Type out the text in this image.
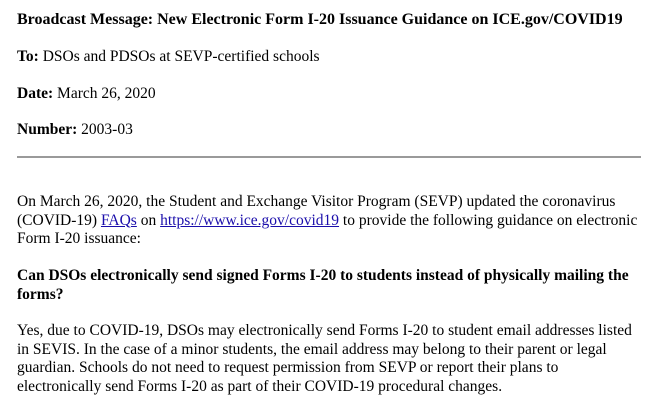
Broadcast Message: New Electronic Form I-20 Issuance Guidance on ICE.gov/COVID19
To: DSOs and PDSOs at SEVP-certified schools
Date: March 26, 2020
Number: 2003-03
On March 26, 2020, the Student and Exchange Visitor Program (SEVP) updated the coronavirus (COVID-19) FAQs on https://www.ice.gov/covid19 to provide the following guidance on electronic Form I-20 issuance:
Can DSOs electronically send signed Forms I-20 to students instead of physically mailing the forms?
Yes, due to COVID-19, DSOs may electronically send Forms I-20 to student email addresses listed in SEVIS. In the case of a minor students, the email address may belong to their parent or legal guardian. Schools do not need to request permission from SEVP or report their plans to electronically send Forms I-20 as part of their COVID-19 procedural changes.
